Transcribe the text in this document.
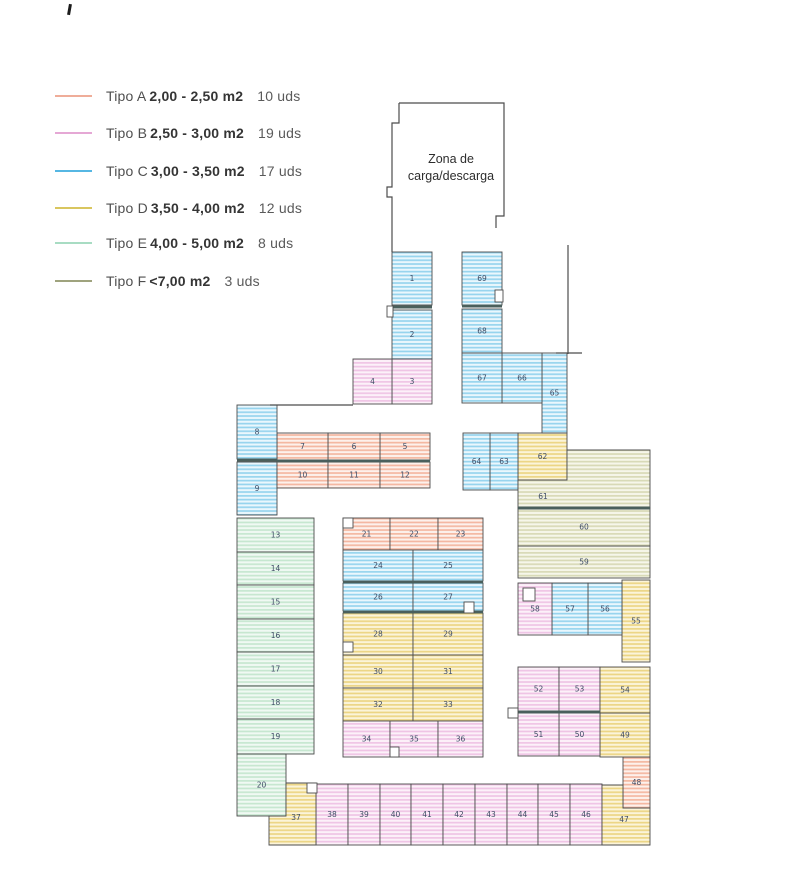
Tipo A 2,00 - 2,50 m2 10 uds
Tipo B 2,50 - 3,00 m2 19 uds
Tipo C 3,00 - 3,50 m2 17 uds
Tipo D 3,50 - 4,00 m2 12 uds
Tipo E 4,00 - 5,00 m2 8 uds
Tipo F <7,00 m2 3 uds	1
2
3
4
5
6
7
8
9
10	11	12
13
14
15
16
17
18
19
20
21	22	23
24	25
26	27
28	29
30	31
32	33
34	35	36
38	39	40	41	42	43	44	45	46
48
49
50
51
52	53	54
55
56
57
58
59
60
62
63
64
65
66
67
68
69
37	47
61
Zona de
carga/descarga
